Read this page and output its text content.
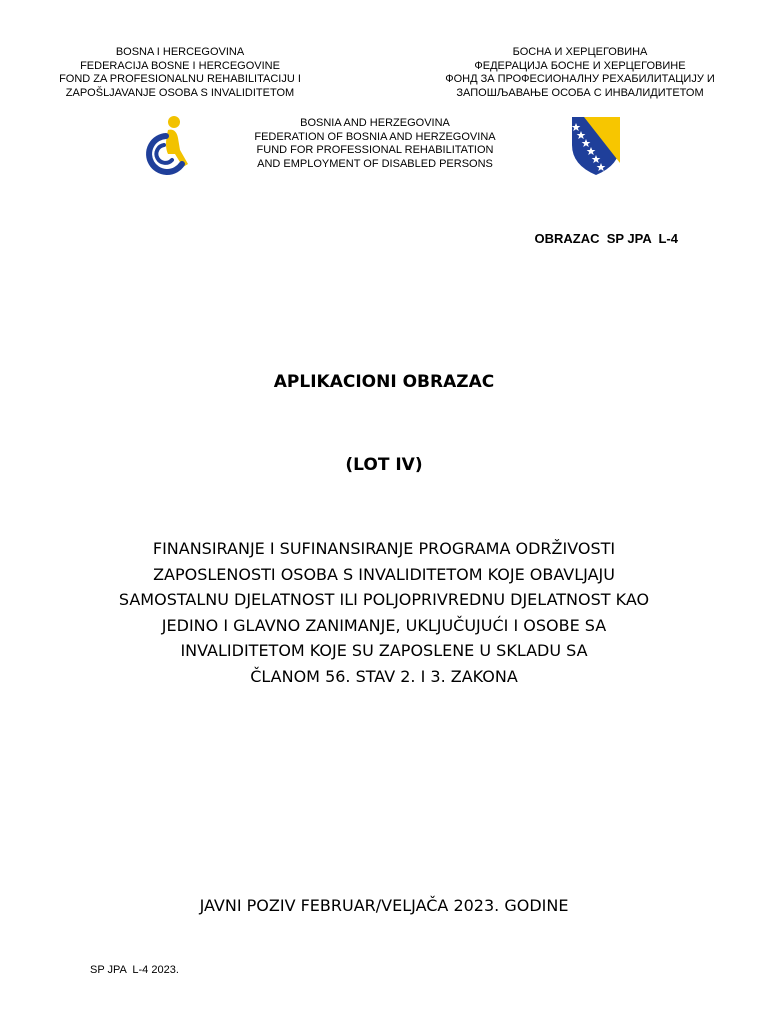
BOSNA I HERCEGOVINA
FEDERACIJA BOSNE I HERCEGOVINE
FOND ZA PROFESIONALNU REHABILITACIJU I
ZAPOŠLJAVANJE OSOBA S INVALIDITETOM
БОСНА И ХЕРЦЕГОВИНА
ФЕДЕРАЦИЈА БОСНЕ И ХЕРЦЕГОВИНЕ
ФОНД ЗА ПРОФЕСИОНАЛНУ РЕХАБИЛИТАЦИЈУ И
ЗАПОШЉАВАЊЕ ОСОБА С ИНВАЛИДИТЕТОМ
BOSNIA AND HERZEGOVINA
FEDERATION OF BOSNIA AND HERZEGOVINA
FUND FOR PROFESSIONAL REHABILITATION
AND EMPLOYMENT OF DISABLED PERSONS
OBRAZAC  SP JPA  L-4
APLIKACIONI OBRAZAC
(LOT IV)
FINANSIRANJE I SUFINANSIRANJE PROGRAMA ODRŽIVOSTI
ZAPOSLENOSTI OSOBA S INVALIDITETOM KOJE OBAVLJAJU
SAMOSTALNU DJELATNOST ILI POLJOPRIVREDNU DJELATNOST KAO
JEDINO I GLAVNO ZANIMANJE, UKLJUČUJUĆI I OSOBE SA
INVALIDITETOM KOJE SU ZAPOSLENE U SKLADU SA
ČLANOM 56. STAV 2. I 3. ZAKONA
JAVNI POZIV FEBRUAR/VELJAČA 2023. GODINE
SP JPA  L-4 2023.
